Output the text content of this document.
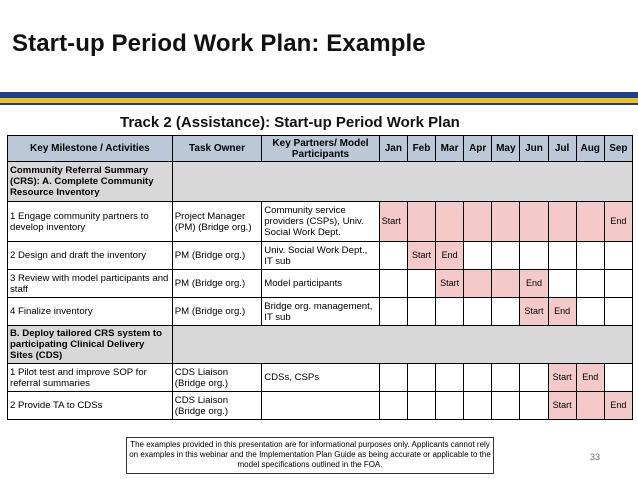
Start-up Period Work Plan: Example
Track 2 (Assistance): Start-up Period Work Plan
Key Milestone / Activities	Task Owner	Key Partners/ Model Participants	Jan	Feb	Mar	Apr	May	Jun	Jul	Aug	Sep
Community Referral Summary (CRS): A. Complete Community Resource Inventory											
1 Engage community partners to develop inventory	Project Manager (PM) (Bridge org.)	Community service providers (CSPs), Univ. Social Work Dept.	Start								End
2 Design and draft the inventory	PM (Bridge org.)	Univ. Social Work Dept., IT sub		Start	End						
3 Review with model participants and staff	PM (Bridge org.)	Model participants			Start			End			
4 Finalize inventory	PM (Bridge org.)	Bridge org. management, IT sub						Start	End		
B. Deploy tailored CRS system to participating Clinical Delivery Sites (CDS)											
1 Pilot test and improve SOP for referral summaries	CDS Liaison (Bridge org.)	CDSs, CSPs							Start	End	
2 Provide TA to CDSs	CDS Liaison (Bridge org.)								Start		End
The examples provided in this presentation are for informational purposes only. Applicants cannot rely on examples in this webinar and the Implementation Plan Guide as being accurate or applicable to the model specifications outlined in the FOA.
33
